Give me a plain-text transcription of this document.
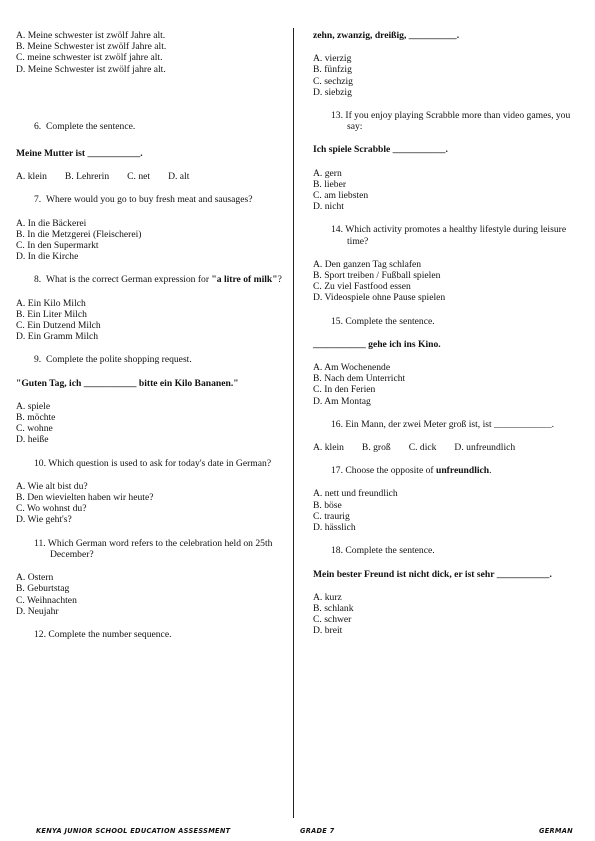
A. Meine schwester ist zwölf Jahre alt.

B. Meine Schwester ist zwölf Jahre alt.

C. meine schwester ist zwölf jahre alt.

D. Meine Schwester ist zwölf jahre alt.

6.  Complete the sentence.

Meine Mutter ist ___________.

A. klein B. Lehrerin C. net D. alt

7.  Where would you go to buy fresh meat and sausages?

A. In die Bäckerei

B. In die Metzgerei (Fleischerei)

C. In den Supermarkt

D. In die Kirche

8.  What is the correct German expression for "a litre of milk"?

A. Ein Kilo Milch

B. Ein Liter Milch

C. Ein Dutzend Milch

D. Ein Gramm Milch

9.  Complete the polite shopping request.

"Guten Tag, ich ___________ bitte ein Kilo Bananen."

A. spiele

B. möchte

C. wohne

D. heiße

10. Which question is used to ask for today's date in German?

A. Wie alt bist du?

B. Den wievielten haben wir heute?

C. Wo wohnst du?

D. Wie geht's?

11. Which German word refers to the celebration held on 25th December?

A. Ostern

B. Geburtstag

C. Weihnachten

D. Neujahr

12. Complete the number sequence.

zehn, zwanzig, dreißig, __________.

A. vierzig

B. fünfzig

C. sechzig

D. siebzig

13. If you enjoy playing Scrabble more than video games, you say:

Ich spiele Scrabble ___________.

A. gern

B. lieber

C. am liebsten

D. nicht

14. Which activity promotes a healthy lifestyle during leisure time?

A. Den ganzen Tag schlafen

B. Sport treiben / Fußball spielen

C. Zu viel Fastfood essen

D. Videospiele ohne Pause spielen

15. Complete the sentence.

___________ gehe ich ins Kino.

A. Am Wochenende

B. Nach dem Unterricht

C. In den Ferien

D. Am Montag

16. Ein Mann, der zwei Meter groß ist, ist ____________.

A. klein B. groß C. dick D. unfreundlich

17. Choose the opposite of unfreundlich.

A. nett und freundlich

B. böse

C. traurig

D. hässlich

18. Complete the sentence.

Mein bester Freund ist nicht dick, er ist sehr ___________.

A. kurz

B. schlank

C. schwer

D. breit

KENYA JUNIOR SCHOOL EDUCATION ASSESSMENT	GRADE 7	GERMAN
